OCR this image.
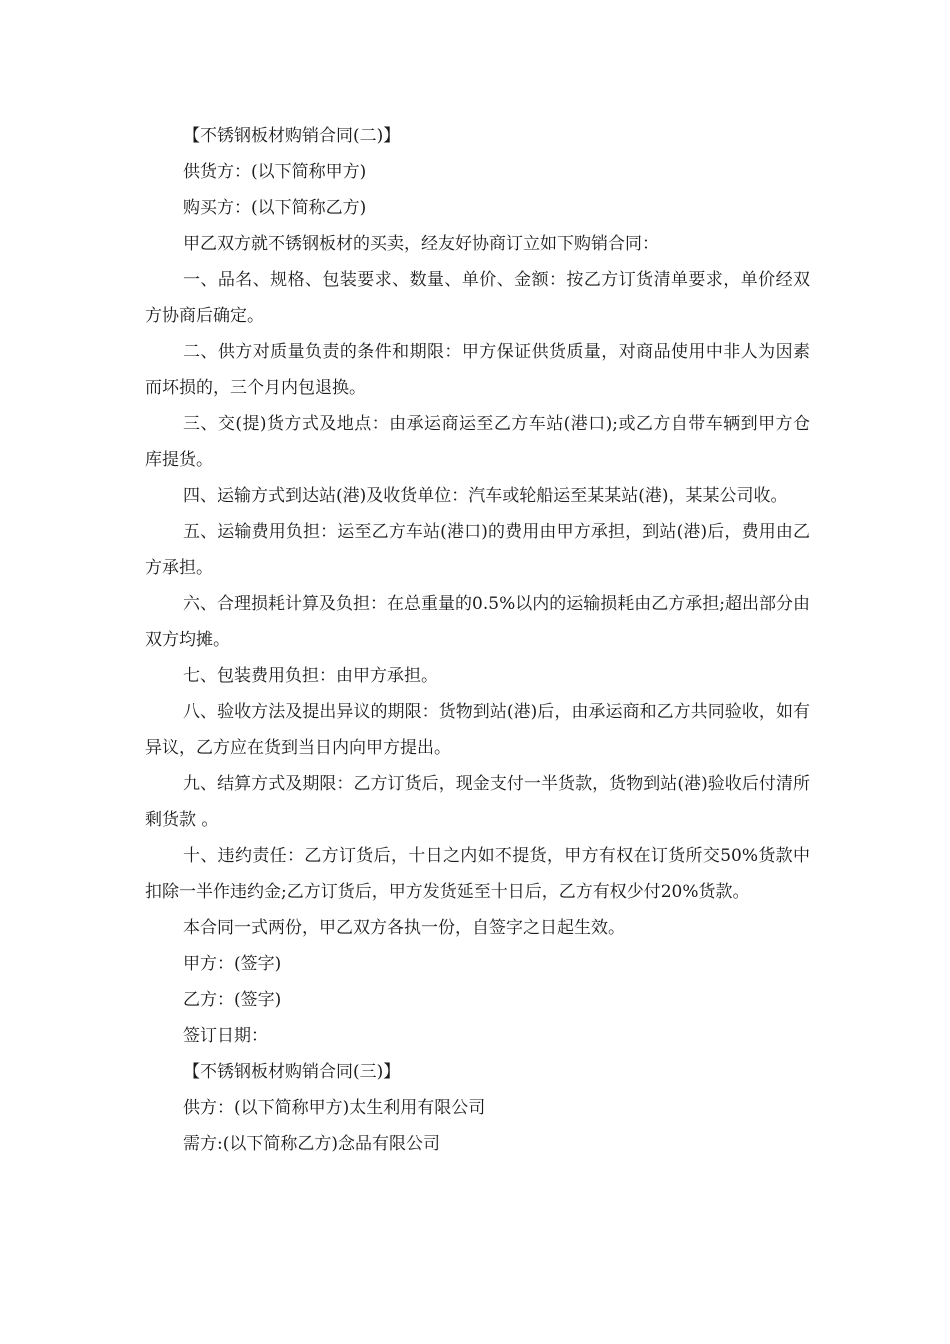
【不锈钢板材购销合同(二)】

供货方：(以下简称甲方)

购买方：(以下简称乙方)

甲乙双方就不锈钢板材的买卖，经友好协商订立如下购销合同：

一、品名、规格、包装要求、数量、单价、金额：按乙方订货清单要求，单价经双方协商后确定。

二、供方对质量负责的条件和期限：甲方保证供货质量，对商品使用中非人为因素而坏损的，三个月内包退换。

三、交(提)货方式及地点：由承运商运至乙方车站(港口);或乙方自带车辆到甲方仓库提货。

四、运输方式到达站(港)及收货单位：汽车或轮船运至某某站(港)，某某公司收。

五、运输费用负担：运至乙方车站(港口)的费用由甲方承担，到站(港)后，费用由乙方承担。

六、合理损耗计算及负担：在总重量的0.5%以内的运输损耗由乙方承担;超出部分由双方均摊。

七、包装费用负担：由甲方承担。

八、验收方法及提出异议的期限：货物到站(港)后，由承运商和乙方共同验收，如有异议，乙方应在货到当日内向甲方提出。

九、结算方式及期限：乙方订货后，现金支付一半货款，货物到站(港)验收后付清所剩货款 。

十、违约责任：乙方订货后，十日之内如不提货，甲方有权在订货所交50%货款中扣除一半作违约金;乙方订货后，甲方发货延至十日后，乙方有权少付20%货款。

本合同一式两份，甲乙双方各执一份，自签字之日起生效。

甲方：(签字)

乙方：(签字)

签订日期：

【不锈钢板材购销合同(三)】

供方：(以下简称甲方)太生利用有限公司

需方:(以下简称乙方)念品有限公司
